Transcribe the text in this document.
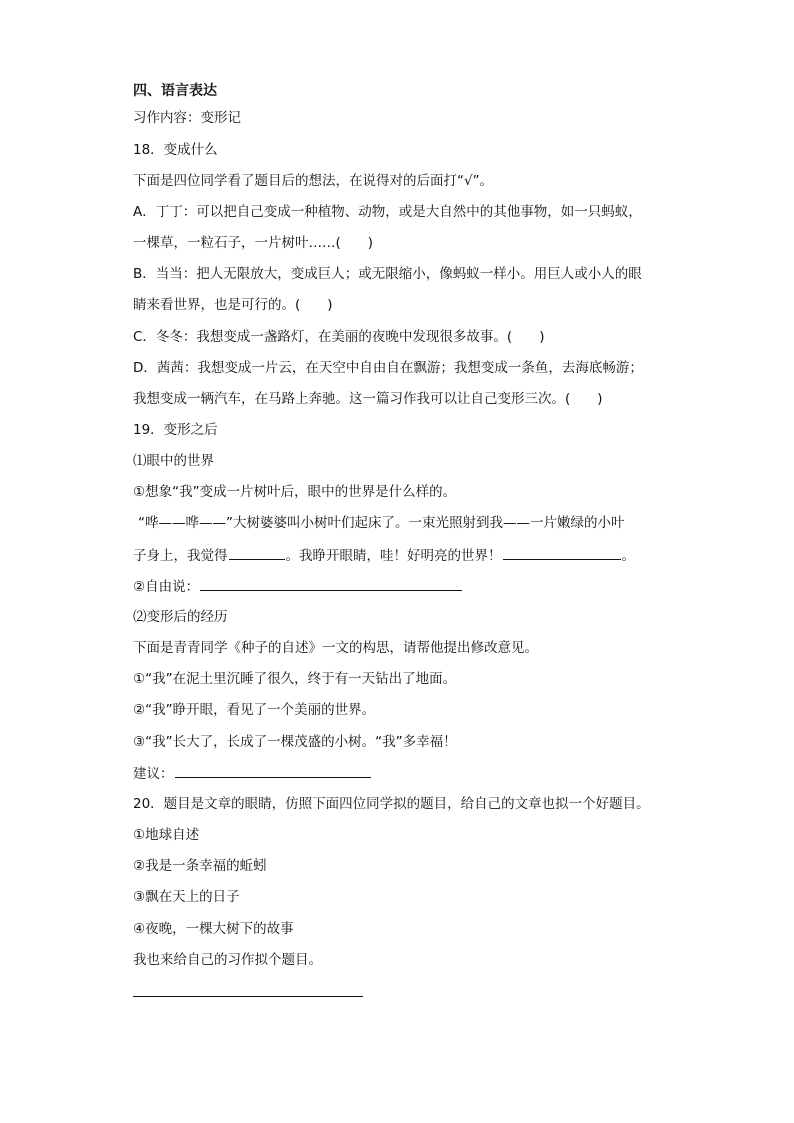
四、语言表达

习作内容：变形记

18．变成什么

下面是四位同学看了题目后的想法，在说得对的后面打“√”。

A．丁丁：可以把自己变成一种植物、动物，或是大自然中的其他事物，如一只蚂蚁，

一棵草，一粒石子，一片树叶……(　　)

B．当当：把人无限放大，变成巨人；或无限缩小，像蚂蚁一样小。用巨人或小人的眼

睛来看世界，也是可行的。(　　)

C．冬冬：我想变成一盏路灯，在美丽的夜晚中发现很多故事。(　　)

D．茜茜：我想变成一片云，在天空中自由自在飘游；我想变成一条鱼，去海底畅游；

我想变成一辆汽车，在马路上奔驰。这一篇习作我可以让自己变形三次。(　　)

19．变形之后

⑴眼中的世界

①想象“我”变成一片树叶后，眼中的世界是什么样的。

“哗——哗——”大树婆婆叫小树叶们起床了。一束光照射到我——一片嫩绿的小叶

子身上，我觉得	。我睁开眼睛，哇！好明亮的世界！	。

②自由说：

⑵变形后的经历

下面是青青同学《种子的自述》一文的构思，请帮他提出修改意见。

①“我”在泥土里沉睡了很久，终于有一天钻出了地面。

②“我”睁开眼，看见了一个美丽的世界。

③“我”长大了，长成了一棵茂盛的小树。“我”多幸福！

建议：

20．题目是文章的眼睛，仿照下面四位同学拟的题目，给自己的文章也拟一个好题目。

①地球自述

②我是一条幸福的蚯蚓

③飘在天上的日子

④夜晚，一棵大树下的故事

我也来给自己的习作拟个题目。
